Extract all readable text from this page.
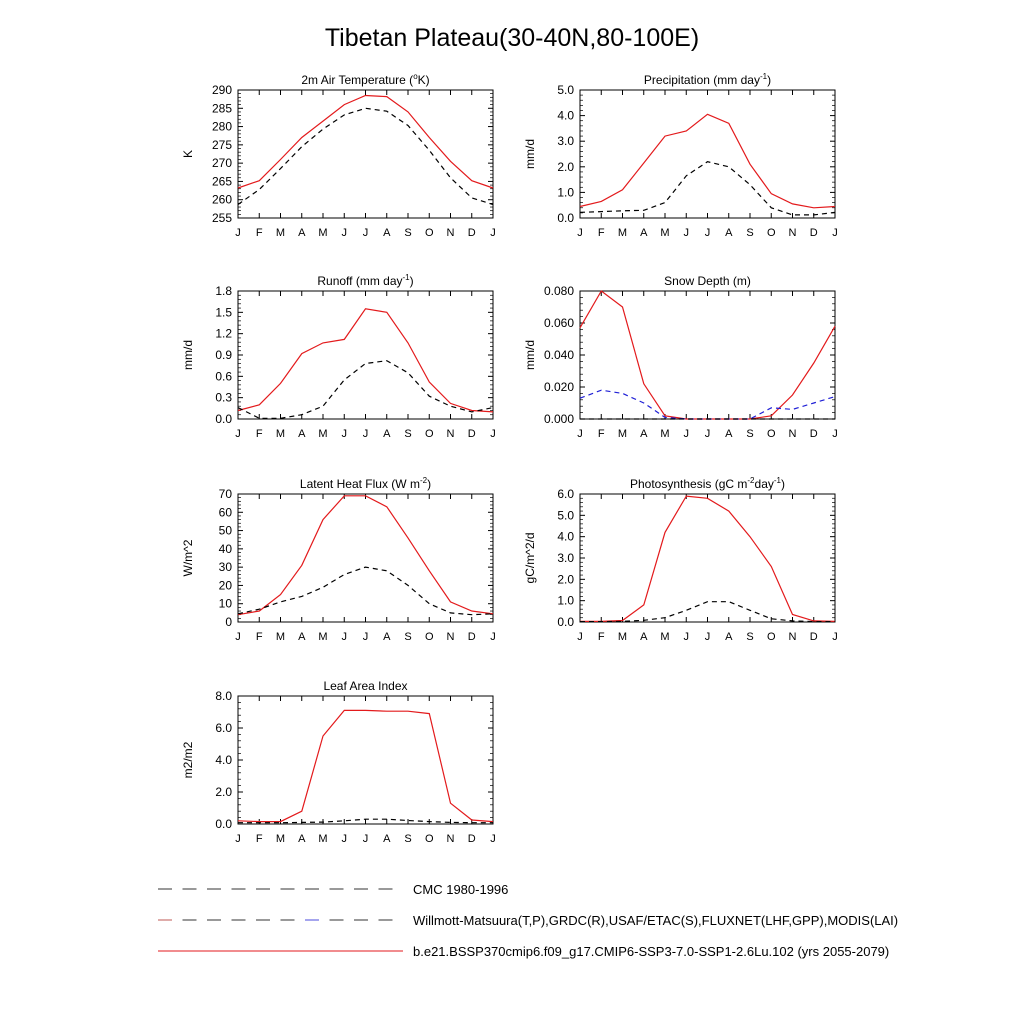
Tibetan Plateau(30-40N,80-100E)
2m Air Temperature ($^o$K)
J F M A M J J A S O N D J
255
260
265
270
275
280
285
290
K
Precipitation (mm day$^{-1}$)
J F M A M J J A S O N D J
0.0
1.0
2.0
3.0
4.0
5.0
mm/d
Runoff (mm day$^{-1}$)
J F M A M J J A S O N D J
0.0
0.3
0.6
0.9
1.2
1.5
1.8
mm/d
Snow Depth (m)
J F M A M J J A S O N D J
0.000
0.020
0.040
0.060
0.080
mm/d
Latent Heat Flux (W $m^{-2}$)
J F M A M J J A S O N D J
0
10
20
30
40
50
60
70
W/m^2
Photosynthesis (gC $m^{-2}day^{-1}$)
J F M A M J J A S O N D J
0.0
1.0
2.0
3.0
4.0
5.0
6.0
gC/m^2/d
Leaf Area Index
J F M A M J J A S O N D J
0.0
2.0
4.0
6.0
8.0
m2/m2
CMC 1980-1996
Willmott-Matsuura(T,P),GRDC(R),USAF/ETAC(S),FLUXNET(LHF,GPP),MODIS(LAI)
b.e21.BSSP370cmip6.f09_g17.CMIP6-SSP3-7.0-SSP1-2.6Lu.102 (yrs 2055-2079)
